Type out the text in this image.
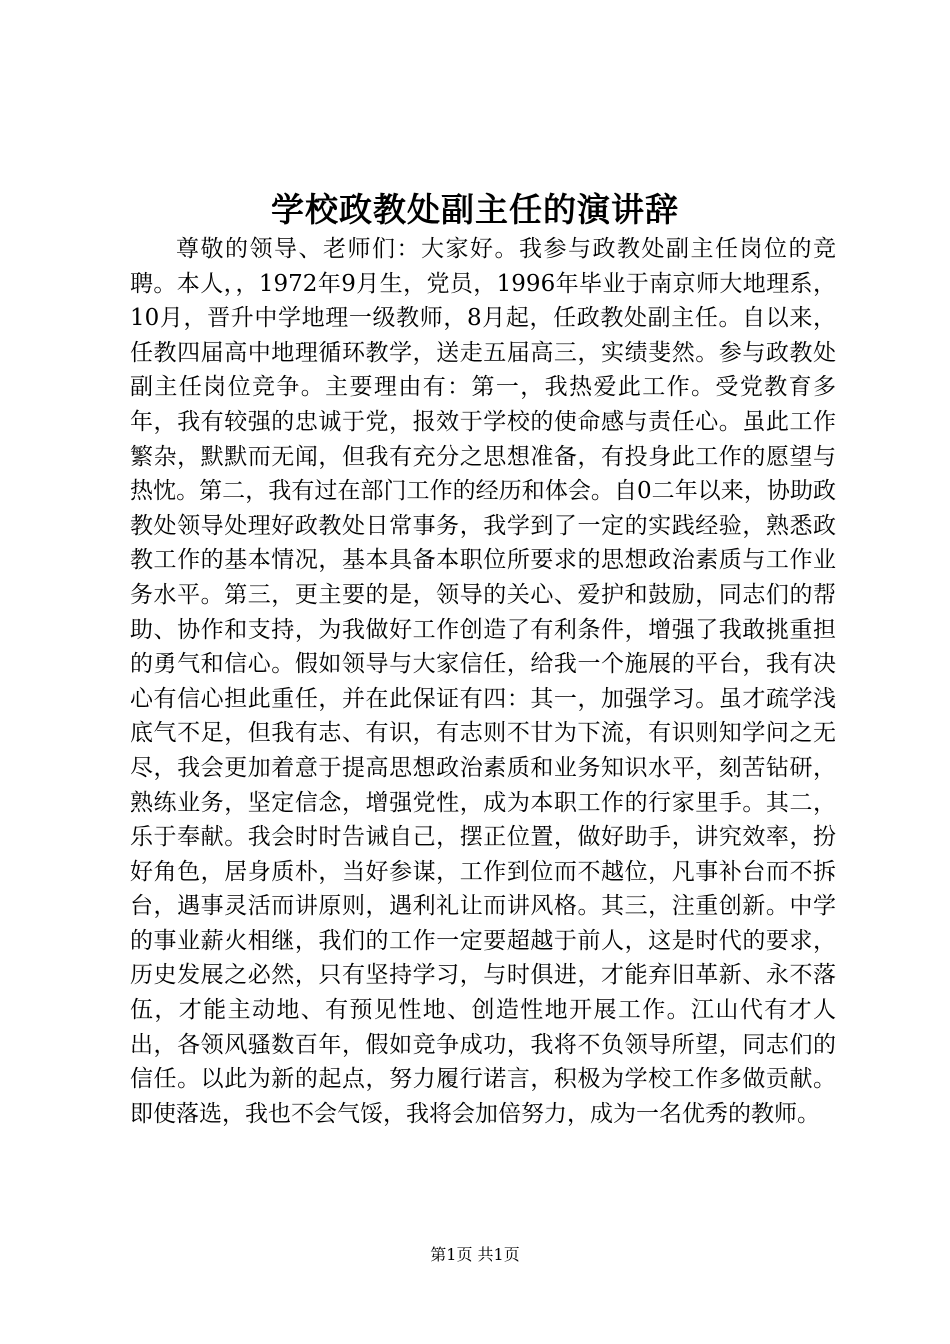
学校政教处副主任的演讲辞

尊敬的领导、老师们：大家好。我参与政教处副主任岗位的竞聘。本人，，1972年9月生，党员，1996年毕业于南京师大地理系，10月，晋升中学地理一级教师，8月起，任政教处副主任。自以来，任教四届高中地理循环教学，送走五届高三，实绩斐然。参与政教处副主任岗位竞争。主要理由有：第一，我热爱此工作。受党教育多年，我有较强的忠诚于党，报效于学校的使命感与责任心。虽此工作繁杂，默默而无闻，但我有充分之思想准备，有投身此工作的愿望与热忱。第二，我有过在部门工作的经历和体会。自0二年以来，协助政教处领导处理好政教处日常事务，我学到了一定的实践经验，熟悉政教工作的基本情况，基本具备本职位所要求的思想政治素质与工作业务水平。第三，更主要的是，领导的关心、爱护和鼓励，同志们的帮助、协作和支持，为我做好工作创造了有利条件，增强了我敢挑重担的勇气和信心。假如领导与大家信任，给我一个施展的平台，我有决心有信心担此重任，并在此保证有四：其一，加强学习。虽才疏学浅底气不足，但我有志、有识，有志则不甘为下流，有识则知学问之无尽，我会更加着意于提高思想政治素质和业务知识水平，刻苦钻研，熟练业务，坚定信念，增强党性，成为本职工作的行家里手。其二，乐于奉献。我会时时告诫自己，摆正位置，做好助手，讲究效率，扮好角色，居身质朴，当好参谋，工作到位而不越位，凡事补台而不拆台，遇事灵活而讲原则，遇利礼让而讲风格。其三，注重创新。中学的事业薪火相继，我们的工作一定要超越于前人，这是时代的要求，历史发展之必然，只有坚持学习，与时俱进，才能弃旧革新、永不落伍，才能主动地、有预见性地、创造性地开展工作。江山代有才人出，各领风骚数百年，假如竞争成功，我将不负领导所望，同志们的信任。以此为新的起点，努力履行诺言，积极为学校工作多做贡献。即使落选，我也不会气馁，我将会加倍努力，成为一名优秀的教师。

第1页 共1页
